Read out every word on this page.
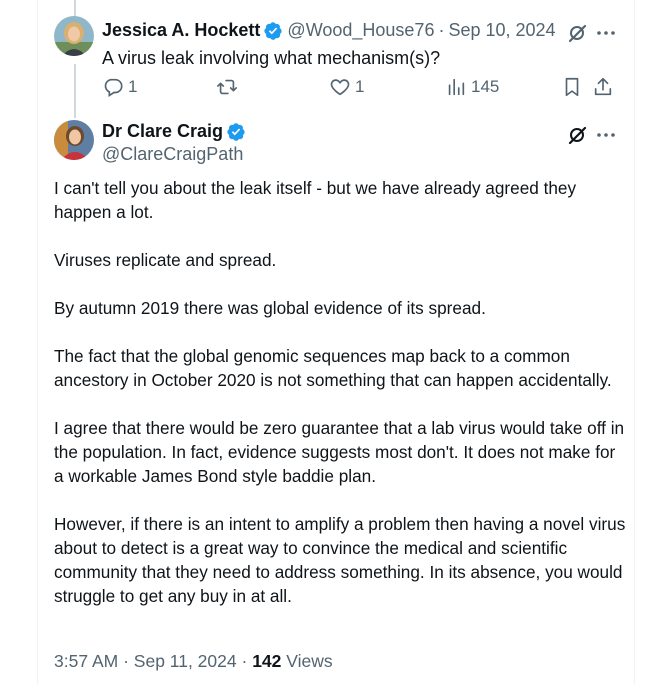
Jessica A. Hockett @Wood_House76 · Sep 10, 2024
A virus leak involving what mechanism(s)?
1	1	145
Dr Clare Craig
@ClareCraigPath

I can't tell you about the leak itself - but we have already agreed they happen a lot.

Viruses replicate and spread.

By autumn 2019 there was global evidence of its spread.

The fact that the global genomic sequences map back to a common ancestory in October 2020 is not something that can happen accidentally.

I agree that there would be zero guarantee that a lab virus would take off in the population. In fact, evidence suggests most don't. It does not make for a workable James Bond style baddie plan.

However, if there is an intent to amplify a problem then having a novel virus about to detect is a great way to convince the medical and scientific community that they need to address something. In its absence, you would struggle to get any buy in at all.

3:57 AM · Sep 11, 2024 · 142 Views
